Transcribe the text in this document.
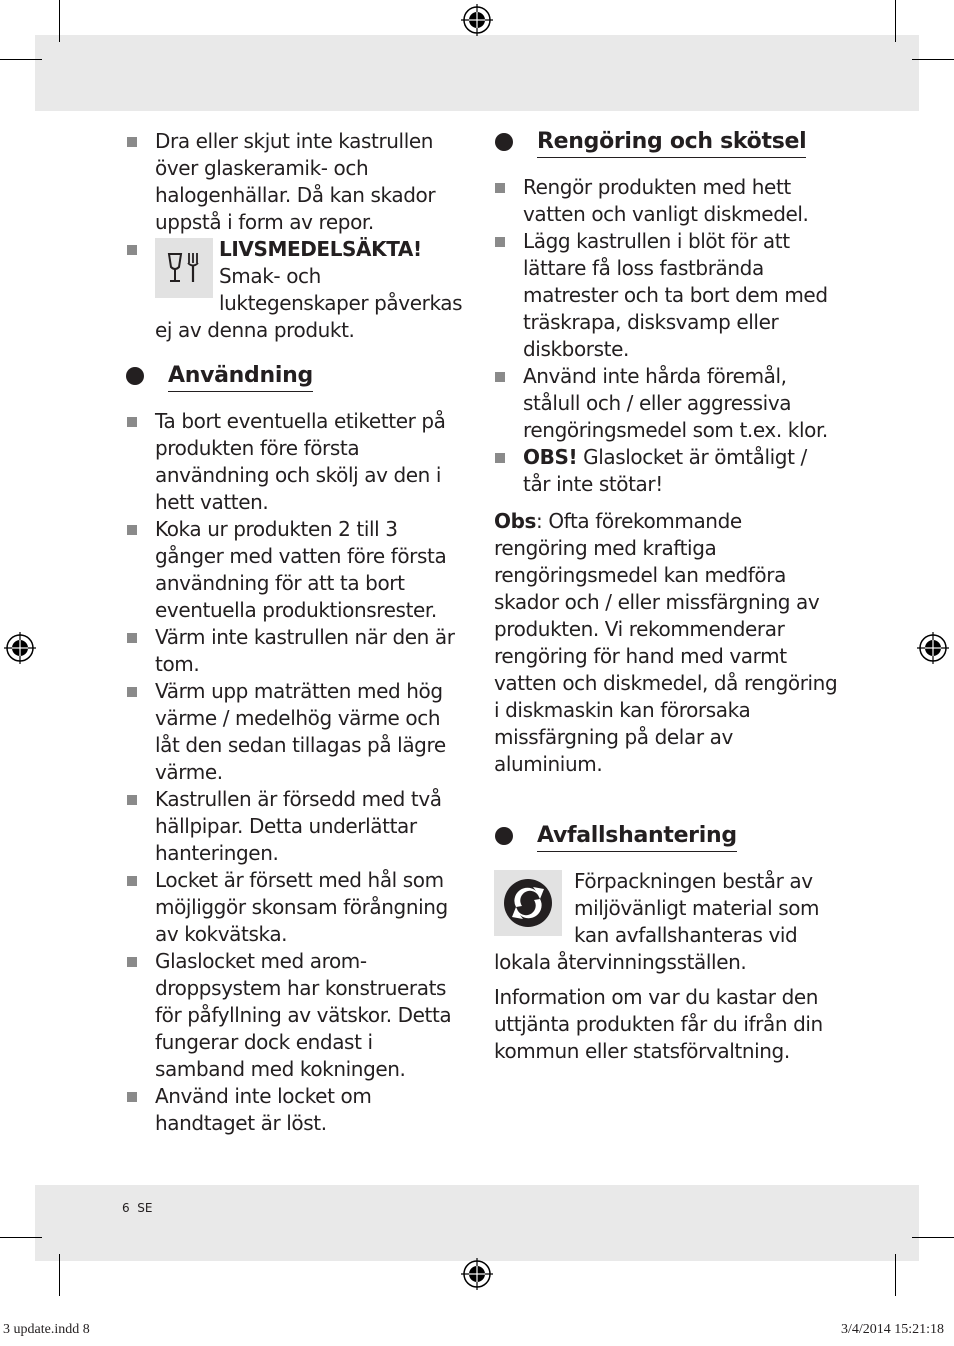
Dra eller skjut inte kastrullen över glaskeramik- och halogenhällar. Då kan skador uppstå i form av repor.
LIVSMEDELSÄKTA!
Smak- och
luktegenskaper påverkas

ej av denna produkt.
Användning
Ta bort eventuella etiketter på produkten före första användning och skölj av den i hett vatten.
Koka ur produkten 2 till 3 gånger med vatten före första användning för att ta bort eventuella produktionsrester.
Värm inte kastrullen när den är tom.
Värm upp maträtten med hög värme / medelhög värme och låt den sedan tillagas på lägre värme.
Kastrullen är försedd med två hällpipar. Detta underlättar hanteringen.
Locket är försett med hål som möjliggör skonsam förångning av kokvätska.
Glaslocket med arom-droppsystem har konstruerats för påfyllning av vätskor. Detta fungerar dock endast i samband med kokningen.
Använd inte locket om handtaget är löst.
Rengöring och skötsel
Rengör produkten med hett vatten och vanligt diskmedel.
Lägg kastrullen i blöt för att lättare få loss fastbrända matrester och ta bort dem med träskrapa, disksvamp eller diskborste.
Använd inte hårda föremål, stålull och / eller aggressiva rengöringsmedel som t.ex. klor.
OBS! Glaslocket är ömtåligt / tår inte stötar!

Obs: Ofta förekommande rengöring med kraftiga rengöringsmedel kan medföra skador och / eller missfärgning av produkten. Vi rekommenderar rengöring för hand med varmt vatten och diskmedel, då rengöring i diskmaskin kan förorsaka missfärgning på delar av aluminium.

Avfallshantering

Förpackningen består av miljövänligt material som kan avfallshanteras vid lokala återvinningsställen.

Information om var du kastar den uttjänta produkten får du ifrån din kommun eller statsförvaltning.

6 SE
3 update.indd 8	3/4/2014 15:21:18
